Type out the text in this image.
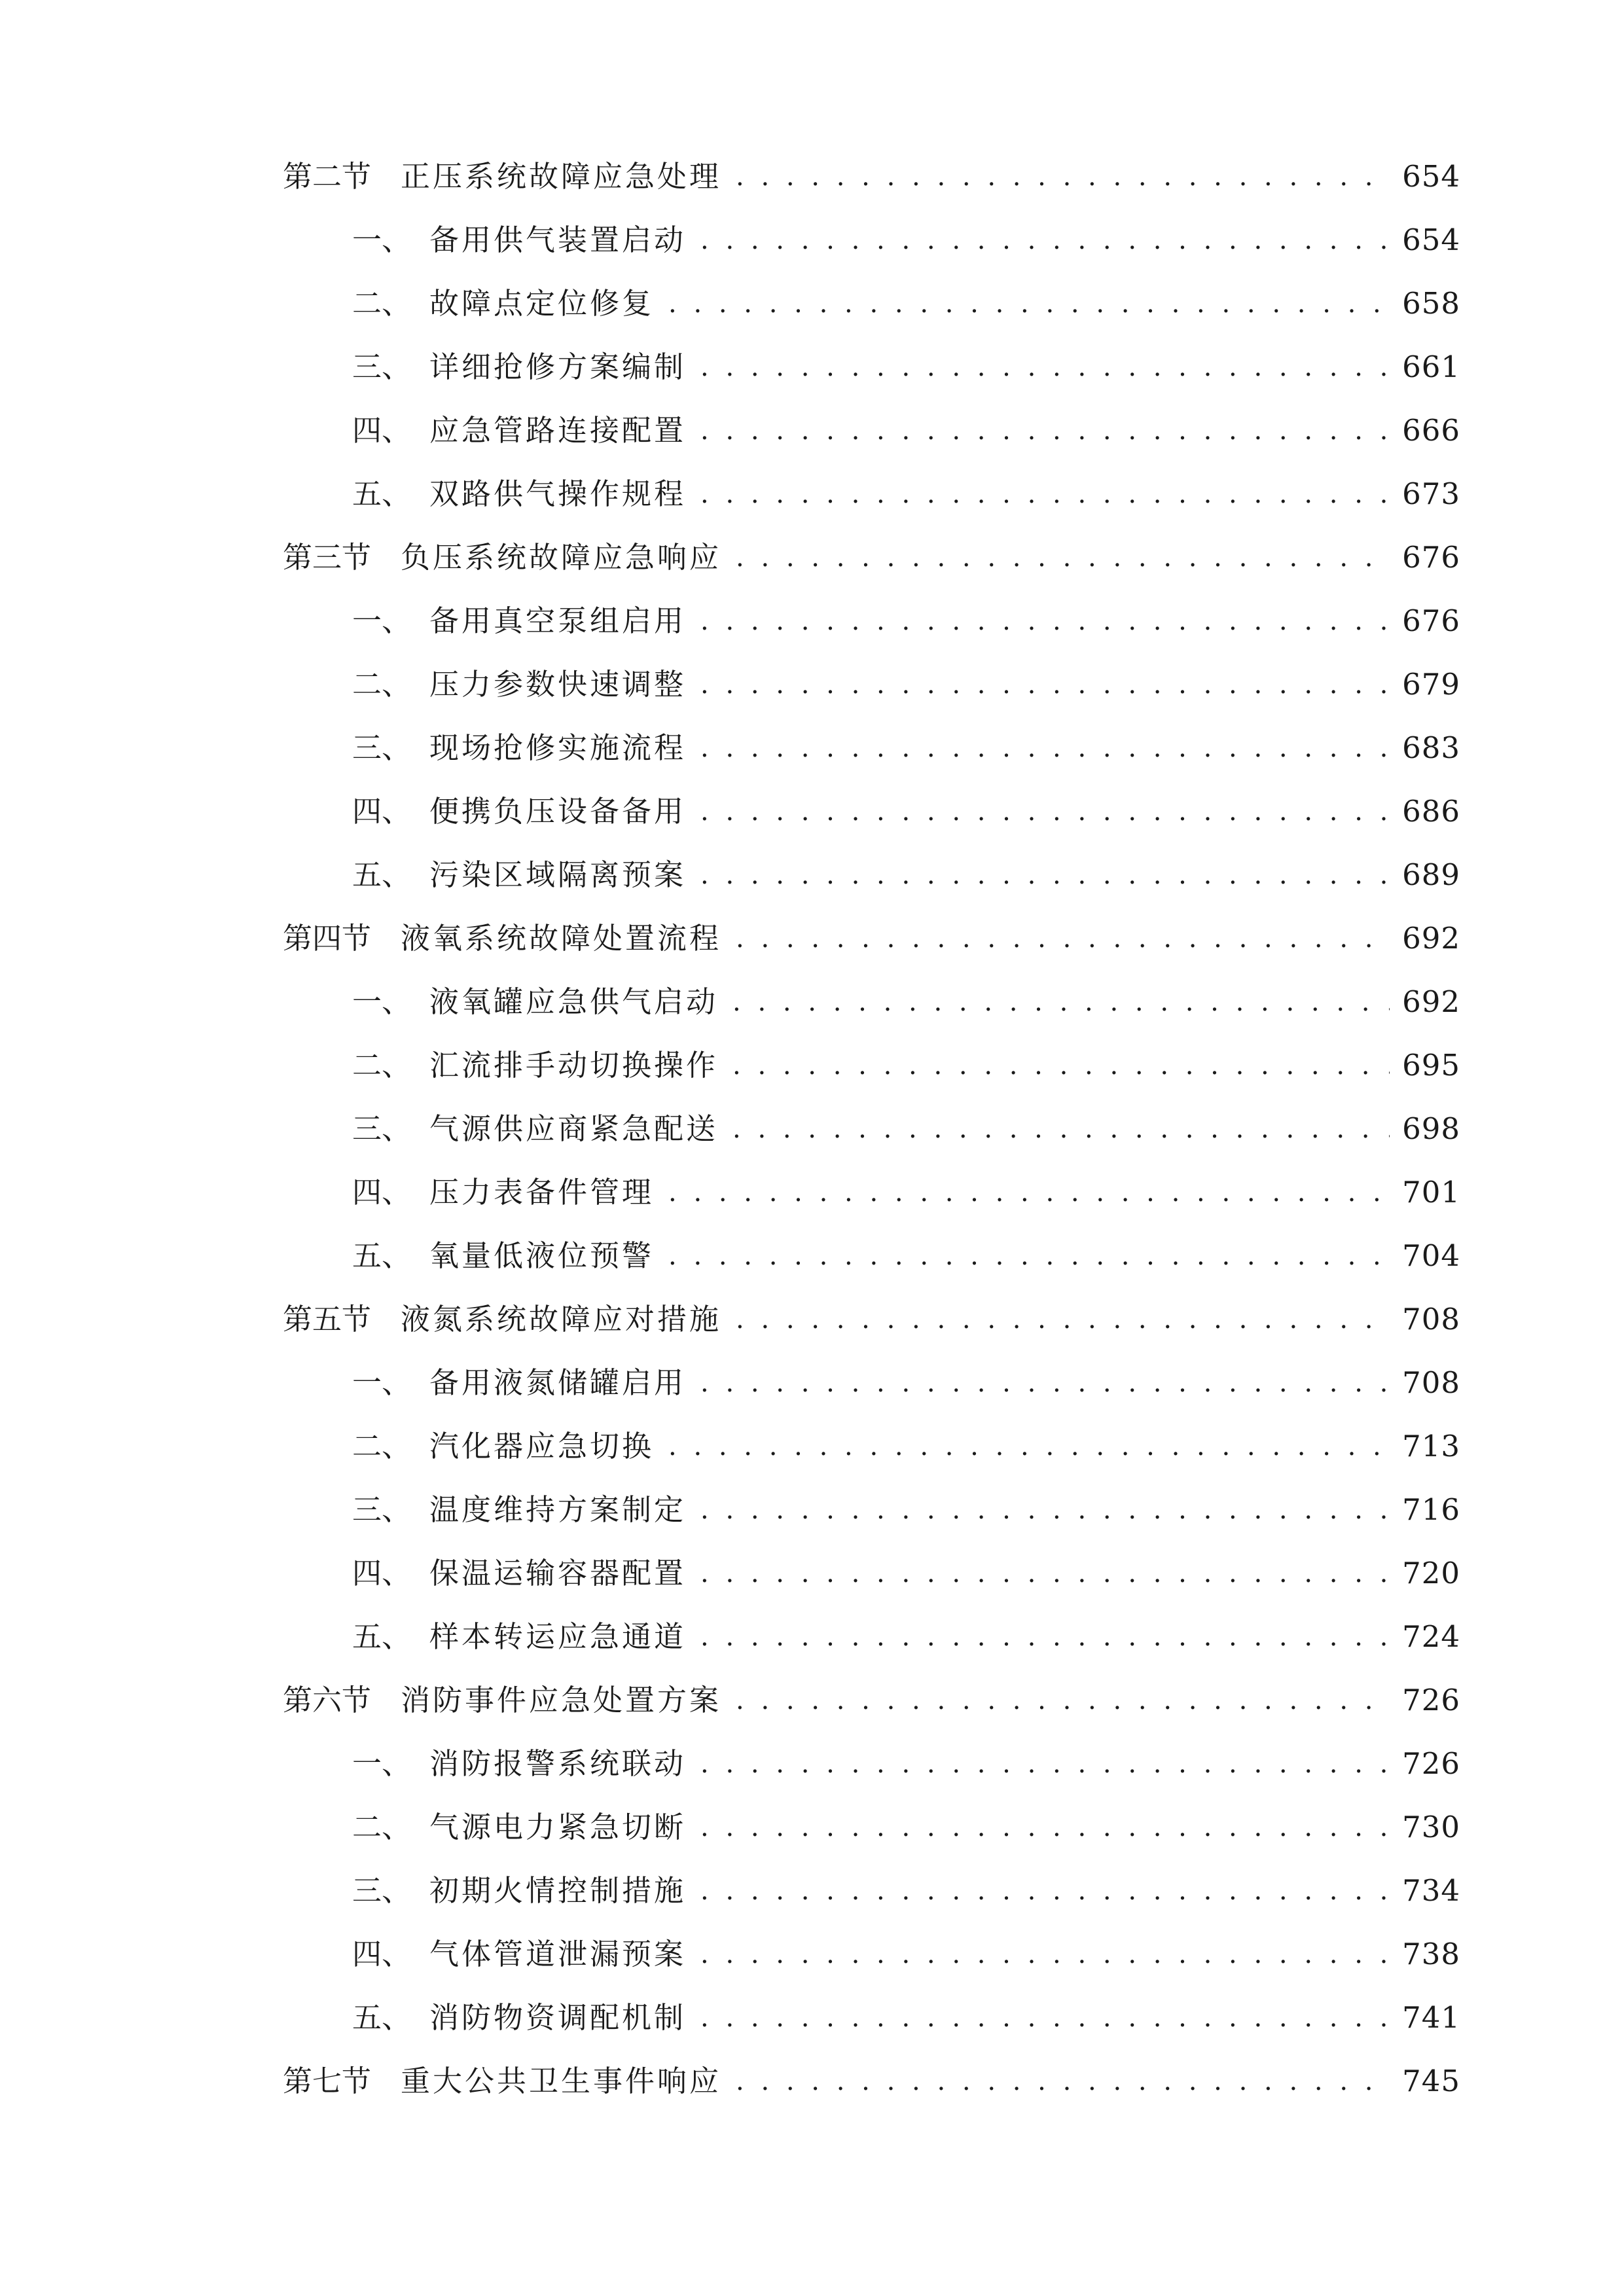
第二节 正压系统故障应急处理 . . .	654
一、 备用供气装置启动 . . .	654
二、 故障点定位修复 . . .	658
三、 详细抢修方案编制 . . .	661
四、 应急管路连接配置 . . .	666
五、 双路供气操作规程 . . .	673
第三节 负压系统故障应急响应 . . .	676
一、 备用真空泵组启用 . . .	676
二、 压力参数快速调整 . . .	679
三、 现场抢修实施流程 . . .	683
四、 便携负压设备备用 . . .	686
五、 污染区域隔离预案 . . .	689
第四节 液氧系统故障处置流程 . . .	692
一、 液氧罐应急供气启动 . . .	692
二、 汇流排手动切换操作 . . .	695
三、 气源供应商紧急配送 . . .	698
四、 压力表备件管理 . . .	701
五、 氧量低液位预警 . . .	704
第五节 液氮系统故障应对措施 . . .	708
一、 备用液氮储罐启用 . . .	708
二、 汽化器应急切换 . . .	713
三、 温度维持方案制定 . . .	716
四、 保温运输容器配置 . . .	720
五、 样本转运应急通道 . . .	724
第六节 消防事件应急处置方案 . . .	726
一、 消防报警系统联动 . . .	726
二、 气源电力紧急切断 . . .	730
三、 初期火情控制措施 . . .	734
四、 气体管道泄漏预案 . . .	738
五、 消防物资调配机制 . . .	741
第七节 重大公共卫生事件响应 . . .	745
